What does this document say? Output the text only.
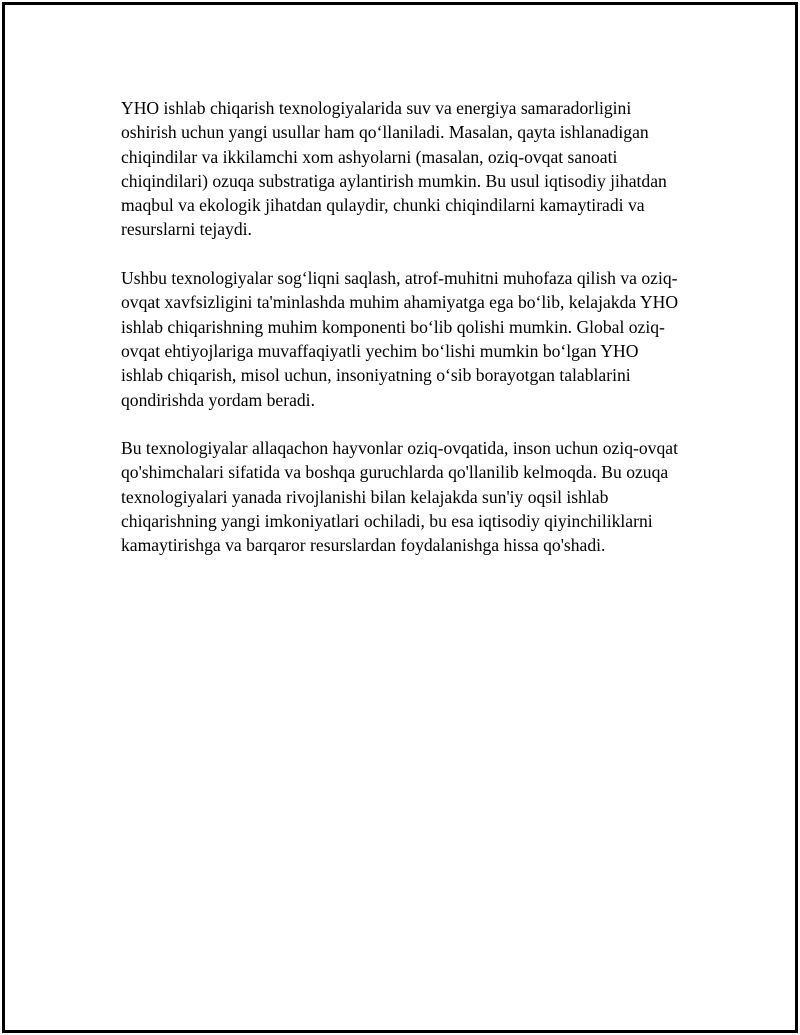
YHO ishlab chiqarish texnologiyalarida suv va energiya samaradorligini oshirish uchun yangi usullar ham qo‘llaniladi. Masalan, qayta ishlanadigan chiqindilar va ikkilamchi xom ashyolarni (masalan, oziq-ovqat sanoati chiqindilari) ozuqa substratiga aylantirish mumkin. Bu usul iqtisodiy jihatdan maqbul va ekologik jihatdan qulaydir, chunki chiqindilarni kamaytiradi va resurslarni tejaydi.

Ushbu texnologiyalar sog‘liqni saqlash, atrof-muhitni muhofaza qilish va oziq-ovqat xavfsizligini ta'minlashda muhim ahamiyatga ega bo‘lib, kelajakda YHO ishlab chiqarishning muhim komponenti bo‘lib qolishi mumkin. Global oziq-ovqat ehtiyojlariga muvaffaqiyatli yechim bo‘lishi mumkin bo‘lgan YHO ishlab chiqarish, misol uchun, insoniyatning o‘sib borayotgan talablarini qondirishda yordam beradi.

Bu texnologiyalar allaqachon hayvonlar oziq-ovqatida, inson uchun oziq-ovqat qo'shimchalari sifatida va boshqa guruchlarda qo'llanilib kelmoqda. Bu ozuqa texnologiyalari yanada rivojlanishi bilan kelajakda sun'iy oqsil ishlab chiqarishning yangi imkoniyatlari ochiladi, bu esa iqtisodiy qiyinchiliklarni kamaytirishga va barqaror resurslardan foydalanishga hissa qo'shadi.
